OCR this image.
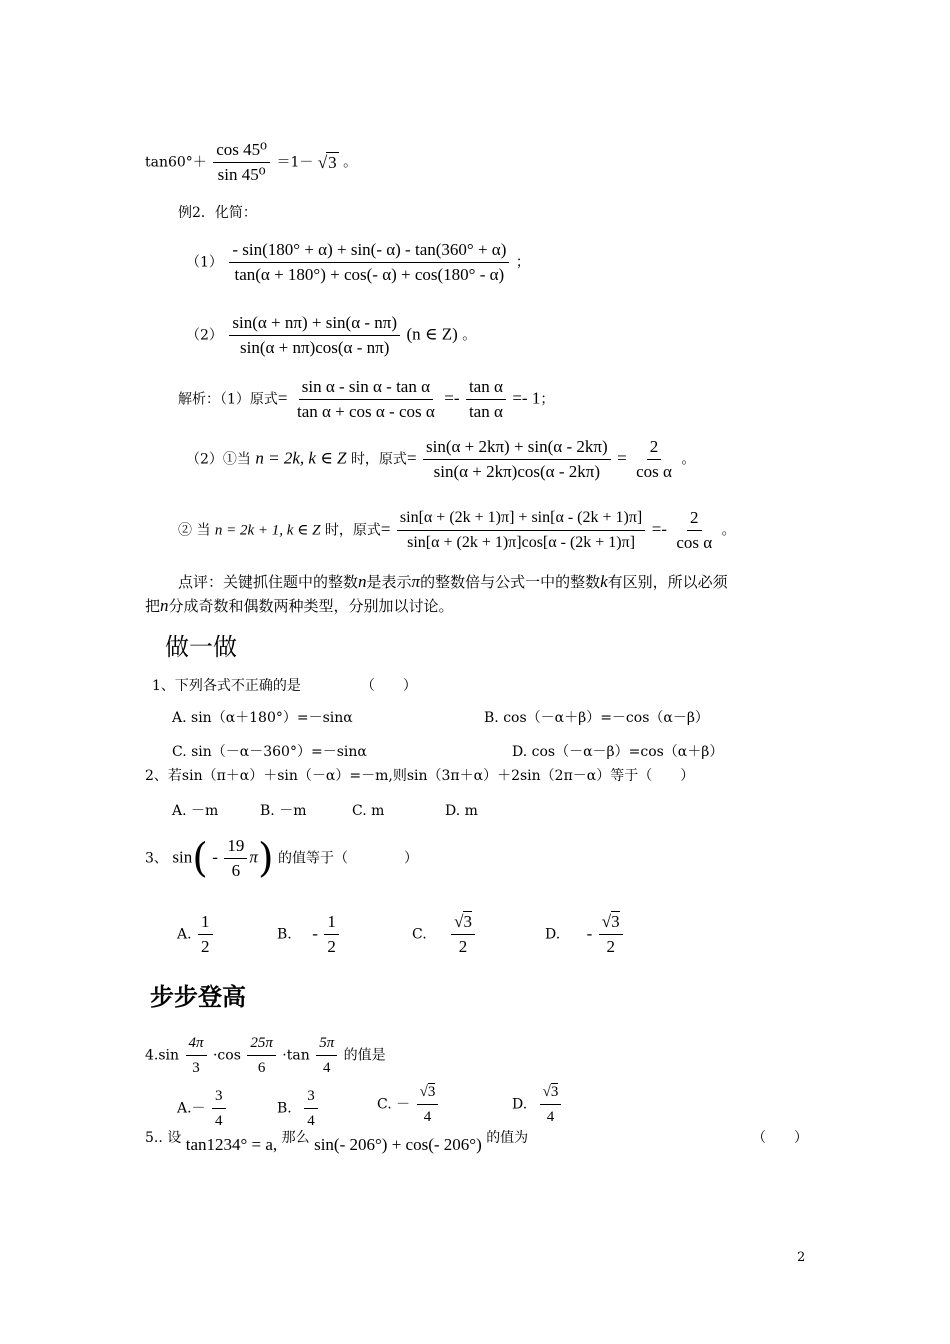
$\tan 60^\circ+ \frac{\text{cos 45⁰}}{\text{sin 45⁰}} =1- √3$ 。
例2．化简：
$(1) \frac{- \sin(180^\circ + \alpha) + \sin(- \alpha) - \tan(360^\circ + \alpha)}{\tan(\alpha + 180^\circ) + \cos(- \alpha) + \cos(180^\circ - \alpha)}$ ；
$(2) \frac{\sin(\alpha + n\pi) + \sin(\alpha - n\pi)}{\sin(\alpha + n\pi)\cos(\alpha - n\pi)} (n$ ∈ Z) 。
解析：（1）原式= $\frac{\text{sin α - sin α - tan α}}{\text{tan α + cos α - cos α}} =- \frac{\text{tan α}}{\text{tan α}} =- 1$；
（2）①当 n = 2k, k ∈ Z 时，原式= $\frac{\sin(\alpha + 2k\pi) + \sin(\alpha - 2k\pi)}{\sin(\alpha + 2k\pi)\cos(\alpha - 2k\pi)} = \frac{2}{\text{cos α}}$ 。
② 当 n = 2k + 1, k ∈ Z 时，原式= $\frac{\sin[\alpha + (2k + 1)\pi] + \sin[\alpha - (2k + 1)\pi]}{\sin[\alpha + (2k + 1)\pi]\cos[\alpha - (2k + 1)\pi]} =- \frac{2}{\text{cos α}}$ 。
点评：关键抓住题中的整数n是表示π的整数倍与公式一中的整数k有区别，所以必须
把n分成奇数和偶数两种类型，分别加以讨论。
做一做
1、下列各式不正确的是	（　　）
A. sin（α＋180°）=－sinα	B. cos（－α＋β）=－cos（α－β）
C. sin（－α－360°）=－sinα	D. cos（－α－β）=cos（α＋β）
2、若sin（π＋α）＋sin（－α）=－m,则sin（3π＋α）＋2sin（2π－α）等于（　　）
A. －m	B. －m	C. m	D. m
3、 $\sin( - \frac{19}{6} \pi)$ 的值等于（　　　　）
A. $\frac{1}{2}$	B. - $\frac{1}{2}$	C. $\frac{√3}{2}$	D. - $\frac{√3}{2}$
步步登高
$4.\sin \frac{4\pi}{3} \cdot\cos \frac{25\pi}{6} \cdot\tan \frac{5\pi}{4}$ 的值是
$A.- \frac{3}{4}$	B. $\frac{3}{4}$	C. － $\frac{√3}{4}$	D. $\frac{√3}{4}$
5.. 设 tan1234° = a, 那么 sin(- 206°) + cos(- 206°) 的值为	（　　）
2
